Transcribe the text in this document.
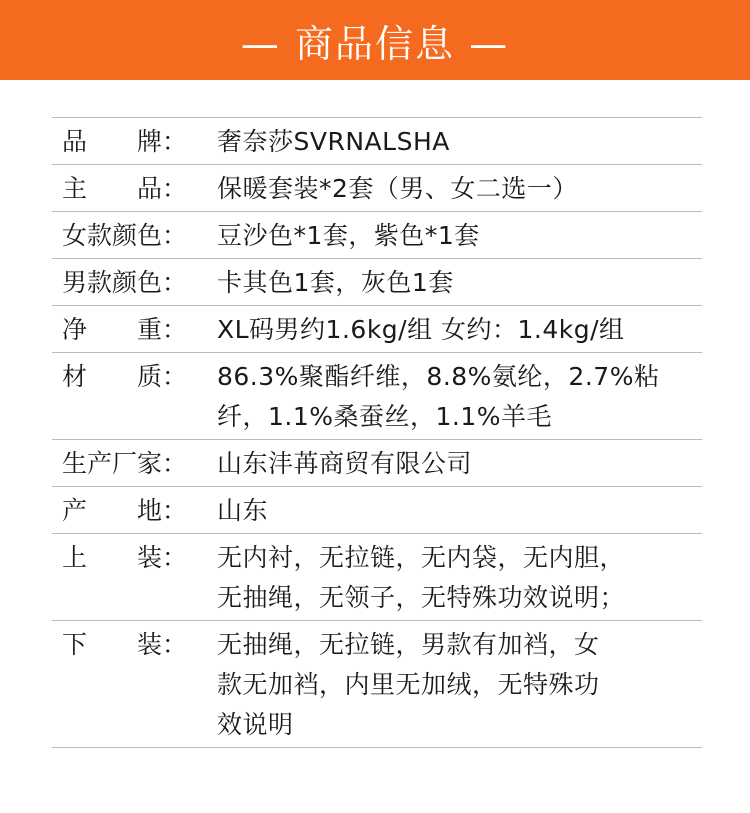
— 商品信息 —
品　　牌：	奢奈莎SVRNALSHA
主　　品：	保暖套装*2套（男、女二选一）
女款颜色：	豆沙色*1套，紫色*1套
男款颜色：	卡其色1套，灰色1套
净　　重：	XL码男约1.6kg/组 女约：1.4kg/组
材　　质：	86.3%聚酯纤维，8.8%氨纶，2.7%粘
纤，1.1%桑蚕丝，1.1%羊毛
生产厂家：	山东沣苒商贸有限公司
产　　地：	山东
上　　装：	无内衬，无拉链，无内袋，无内胆，
无抽绳，无领子，无特殊功效说明；
下　　装：	无抽绳，无拉链，男款有加裆，女
款无加裆，内里无加绒，无特殊功
效说明
